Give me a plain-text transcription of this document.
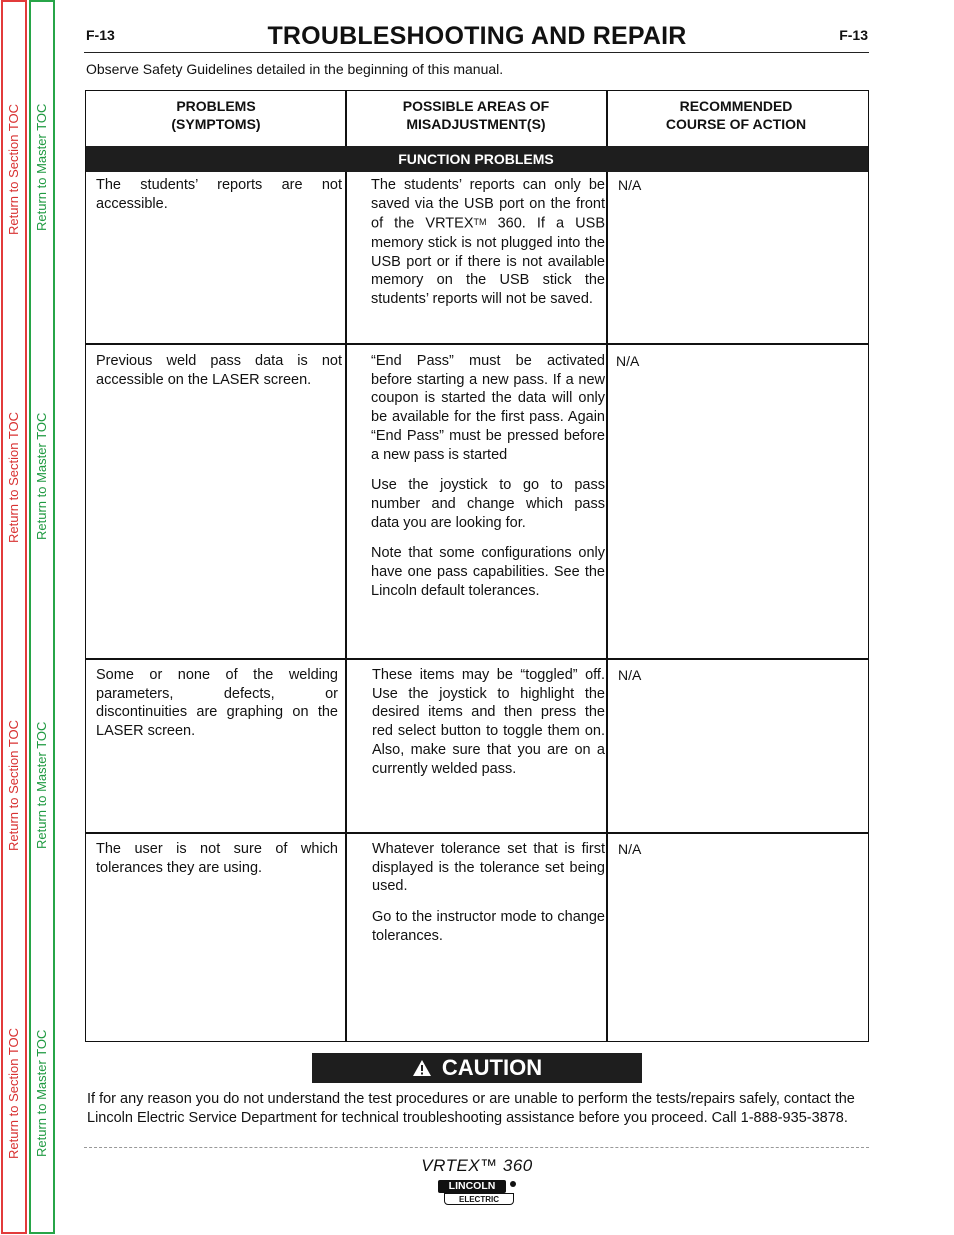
Return to Section TOC
Return to Section TOC
Return to Section TOC
Return to Section TOC
Return to Master TOC
Return to Master TOC
Return to Master TOC
Return to Master TOC
F-13	F-13
TROUBLESHOOTING AND REPAIR
Observe Safety Guidelines detailed in the beginning of this manual.
PROBLEMS
(SYMPTOMS)
POSSIBLE AREAS OF
MISADJUSTMENT(S)
RECOMMENDED
COURSE OF ACTION
FUNCTION PROBLEMS
The students’ reports are not accessible.
The students’ reports can only be saved via the USB port on the front of the VRTEXTM 360. If a USB memory stick is not plugged into the USB port or if there is not available memory on the USB stick the students’ reports will not be saved.
N/A
Previous weld pass data is not accessible on the LASER screen.

“End Pass” must be activated before starting a new pass. If a new coupon is started the data will only be available for the first pass. Again “End Pass” must be pressed before a new pass is started

Use the joystick to go to pass number and change which pass data you are looking for.

Note that some configurations only have one pass capabilities. See the Lincoln default tolerances.

N/A
Some or none of the welding parameters, defects, or discontinuities are graphing on the LASER screen.
These items may be “toggled” off. Use the joystick to highlight the desired items and then press the red select button to toggle them on. Also, make sure that you are on a currently welded pass.
N/A
The user is not sure of which tolerances they are using.

Whatever tolerance set that is first displayed is the tolerance set being used.

Go to the instructor mode to change tolerances.

N/A
CAUTION
If for any reason you do not understand the test procedures or are unable to perform the tests/repairs safely, contact the Lincoln Electric Service Department for technical troubleshooting assistance before you proceed. Call 1-888-935-3878.
VRTEX™ 360
LINCOLN
ELECTRIC
